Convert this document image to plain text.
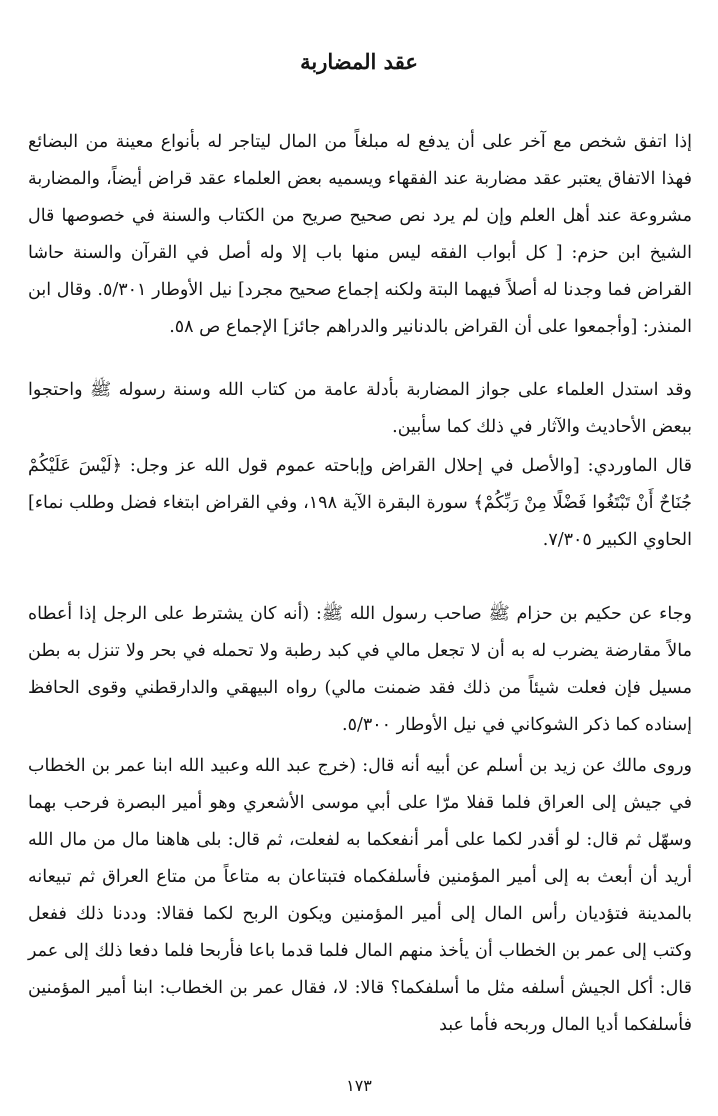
عقد المضاربة

إذا اتفق شخص مع آخر على أن يدفع له مبلغاً من المال ليتاجر له بأنواع معينة من البضائع فهذا الاتفاق يعتبر عقد مضاربة عند الفقهاء ويسميه بعض العلماء عقد قراض أيضاً، والمضاربة مشروعة عند أهل العلم وإن لم يرد نص صحيح صريح من الكتاب والسنة في خصوصها قال الشيخ ابن حزم: [ كل أبواب الفقه ليس منها باب إلا وله أصل في القرآن والسنة حاشا القراض فما وجدنا له أصلاً فيهما البتة ولكنه إجماع صحيح مجرد] نيل الأوطار ٥/٣٠١. وقال ابن المنذر: [وأجمعوا على أن القراض بالدنانير والدراهم جائز] الإجماع ص ٥٨.

وقد استدل العلماء على جواز المضاربة بأدلة عامة من كتاب الله وسنة رسوله ﷺ واحتجوا ببعض الأحاديث والآثار في ذلك كما سأبين.

قال الماوردي: [والأصل في إحلال القراض وإباحته عموم قول الله عز وجل: ﴿لَيْسَ عَلَيْكُمْ جُنَاحٌ أَنْ تَبْتَغُوا فَضْلًا مِنْ رَبِّكُمْ﴾ سورة البقرة الآية ١٩٨، وفي القراض ابتغاء فضل وطلب نماء] الحاوي الكبير ٧/٣٠٥.

وجاء عن حكيم بن حزام ﷺ صاحب رسول الله ﷺ: (أنه كان يشترط على الرجل إذا أعطاه مالاً مقارضة يضرب له به أن لا تجعل مالي في كبد رطبة ولا تحمله في بحر ولا تنزل به بطن مسيل فإن فعلت شيئاً من ذلك فقد ضمنت مالي) رواه البيهقي والدارقطني وقوى الحافظ إسناده كما ذكر الشوكاني في نيل الأوطار ٥/٣٠٠.

وروى مالك عن زيد بن أسلم عن أبيه أنه قال: (خرج عبد الله وعبيد الله ابنا عمر بن الخطاب في جيش إلى العراق فلما قفلا مرّا على أبي موسى الأشعري وهو أمير البصرة فرحب بهما وسهّل ثم قال: لو أقدر لكما على أمر أنفعكما به لفعلت، ثم قال: بلى هاهنا مال من مال الله أريد أن أبعث به إلى أمير المؤمنين فأسلفكماه فتبتاعان به متاعاً من متاع العراق ثم تبيعانه بالمدينة فتؤديان رأس المال إلى أمير المؤمنين ويكون الربح لكما فقالا: وددنا ذلك ففعل وكتب إلى عمر بن الخطاب أن يأخذ منهم المال فلما قدما باعا فأربحا فلما دفعا ذلك إلى عمر قال: أكل الجيش أسلفه مثل ما أسلفكما؟ قالا: لا، فقال عمر بن الخطاب: ابنا أمير المؤمنين فأسلفكما أديا المال وربحه فأما عبد

١٧٣
